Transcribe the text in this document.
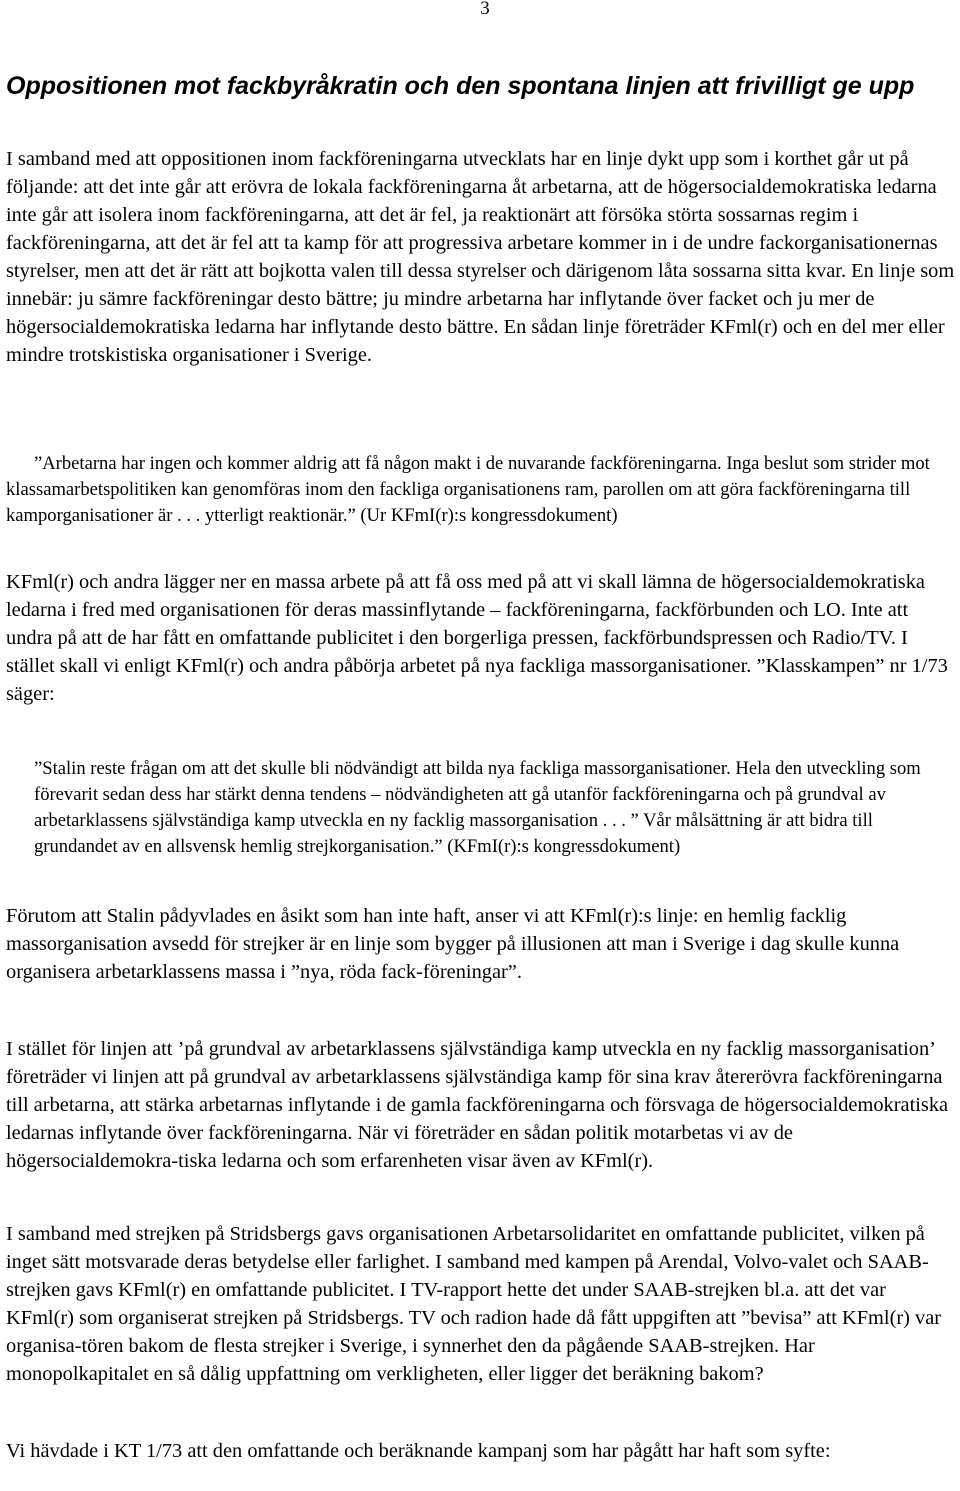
3
Oppositionen mot fackbyråkratin och den spontana linjen att frivilligt ge upp

I samband med att oppositionen inom fackföreningarna utvecklats har en linje dykt upp som i korthet går ut på följande: att det inte går att erövra de lokala fackföreningarna åt arbetarna, att de högersocialdemokratiska ledarna inte går att isolera inom fackföreningarna, att det är fel, ja reaktionärt att försöka störta sossarnas regim i fackföreningarna, att det är fel att ta kamp för att progressiva arbetare kommer in i de undre fackorganisationernas styrelser, men att det är rätt att bojkotta valen till dessa styrelser och därigenom låta sossarna sitta kvar. En linje som innebär: ju sämre fackföreningar desto bättre; ju mindre arbetarna har inflytande över facket och ju mer de högersocialdemokratiska ledarna har inflytande desto bättre. En sådan linje företräder KFml(r) och en del mer eller mindre trotskistiska organisationer i Sverige.

”Arbetarna har ingen och kommer aldrig att få någon makt i de nuvarande fackföreningarna. Inga beslut som strider mot klassamarbetspolitiken kan genomföras inom den fackliga organisationens ram, parollen om att göra fackföreningarna till kamporganisationer är . . . ytterligt reaktionär.” (Ur KFmI(r):s kongressdokument)

KFml(r) och andra lägger ner en massa arbete på att få oss med på att vi skall lämna de högersocialdemokratiska ledarna i fred med organisationen för deras massinflytande – fackföreningarna, fackförbunden och LO. Inte att undra på att de har fått en omfattande publicitet i den borgerliga pressen, fackförbundspressen och Radio/TV. I stället skall vi enligt KFml(r) och andra påbörja arbetet på nya fackliga massorganisationer. ”Klasskampen” nr 1/73 säger:

”Stalin reste frågan om att det skulle bli nödvändigt att bilda nya fackliga massorganisationer. Hela den utveckling som förevarit sedan dess har stärkt denna tendens – nödvändigheten att gå utanför fackföreningarna och på grundval av arbetarklassens självständiga kamp utveckla en ny facklig massorganisation . . . ” Vår målsättning är att bidra till grundandet av en allsvensk hemlig strejkorganisation.” (KFmI(r):s kongressdokument)

Förutom att Stalin pådyvlades en åsikt som han inte haft, anser vi att KFml(r):s linje: en hemlig facklig massorganisation avsedd för strejker är en linje som bygger på illusionen att man i Sverige i dag skulle kunna organisera arbetarklassens massa i ”nya, röda fack-föreningar”.

I stället för linjen att ’på grundval av arbetarklassens självständiga kamp utveckla en ny facklig massorganisation’ företräder vi linjen att på grundval av arbetarklassens självständiga kamp för sina krav återerövra fackföreningarna till arbetarna, att stärka arbetarnas inflytande i de gamla fackföreningarna och försvaga de högersocialdemokratiska ledarnas inflytande över fackföreningarna. När vi företräder en sådan politik motarbetas vi av de högersocialdemokra-tiska ledarna och som erfarenheten visar även av KFml(r).

I samband med strejken på Stridsbergs gavs organisationen Arbetarsolidaritet en omfattande publicitet, vilken på inget sätt motsvarade deras betydelse eller farlighet. I samband med kampen på Arendal, Volvo-valet och SAAB-strejken gavs KFml(r) en omfattande publicitet. I TV-rapport hette det under SAAB-strejken bl.a. att det var KFml(r) som organiserat strejken på Stridsbergs. TV och radion hade då fått uppgiften att ”bevisa” att KFml(r) var organisa-tören bakom de flesta strejker i Sverige, i synnerhet den da pågående SAAB-strejken. Har monopolkapitalet en så dålig uppfattning om verkligheten, eller ligger det beräkning bakom?

Vi hävdade i KT 1/73 att den omfattande och beräknande kampanj som har pågått har haft som syfte:
